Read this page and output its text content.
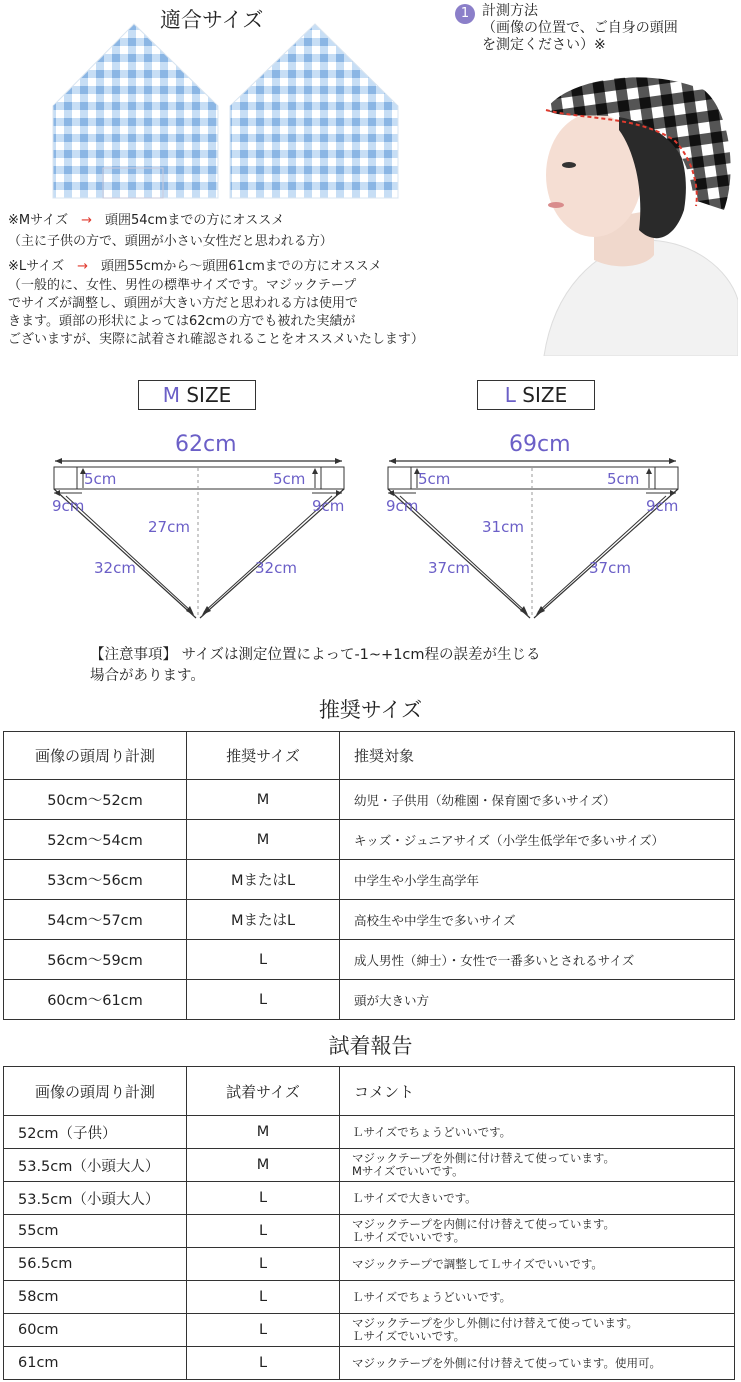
適合サイズ	1 計測方法
（画像の位置で、ご自身の頭囲
を測定ください）※
※Mサイズ　 →　 頭囲54cmまでの方にオススメ
（主に子供の方で、頭囲が小さい女性だと思われる方）
※Lサイズ　 →　 頭囲55cmから～頭囲61cmまでの方にオススメ
（一般的に、女性、男性の標準サイズです。マジックテープ
でサイズが調整し、頭囲が大きい方だと思われる方は使用で
きます。頭部の形状によっては62cmの方でも被れた実績が
ございますが、実際に試着され確認されることをオススメいたします）
M SIZE	L SIZE
62cm
5cm	5cm
9cm	9cm
27cm
32cm	32cm
69cm
5cm	5cm
9cm	9cm
31cm
37cm	37cm
【注意事項】 サイズは測定位置によって-1~+1cm程の誤差が生じる
場合があります。
推奨サイズ
画像の頭周り計測	推奨サイズ	推奨対象
50cm～52cm	M	幼児・子供用（幼稚園・保育園で多いサイズ）
52cm～54cm	M	キッズ・ジュニアサイズ（小学生低学年で多いサイズ）
53cm～56cm	MまたはL	中学生や小学生高学年
54cm～57cm	MまたはL	高校生や中学生で多いサイズ
56cm～59cm	L	成人男性（紳士）・女性で一番多いとされるサイズ
60cm～61cm	L	頭が大きい方
試着報告
画像の頭周り計測	試着サイズ	コメント
52cm（子供）	M	Ｌサイズでちょうどいいです。
53.5cm（小頭大人）	M	マジックテープを外側に付け替えて使っています。
Mサイズでいいです。
53.5cm（小頭大人）	L	Ｌサイズで大きいです。
55cm	L	マジックテープを内側に付け替えて使っています。
Ｌサイズでいいです。
56.5cm	L	マジックテープで調整してＬサイズでいいです。
58cm	L	Ｌサイズでちょうどいいです。
60cm	L	マジックテープを少し外側に付け替えて使っています。
Ｌサイズでいいです。
61cm	L	マジックテープを外側に付け替えて使っています。使用可。
